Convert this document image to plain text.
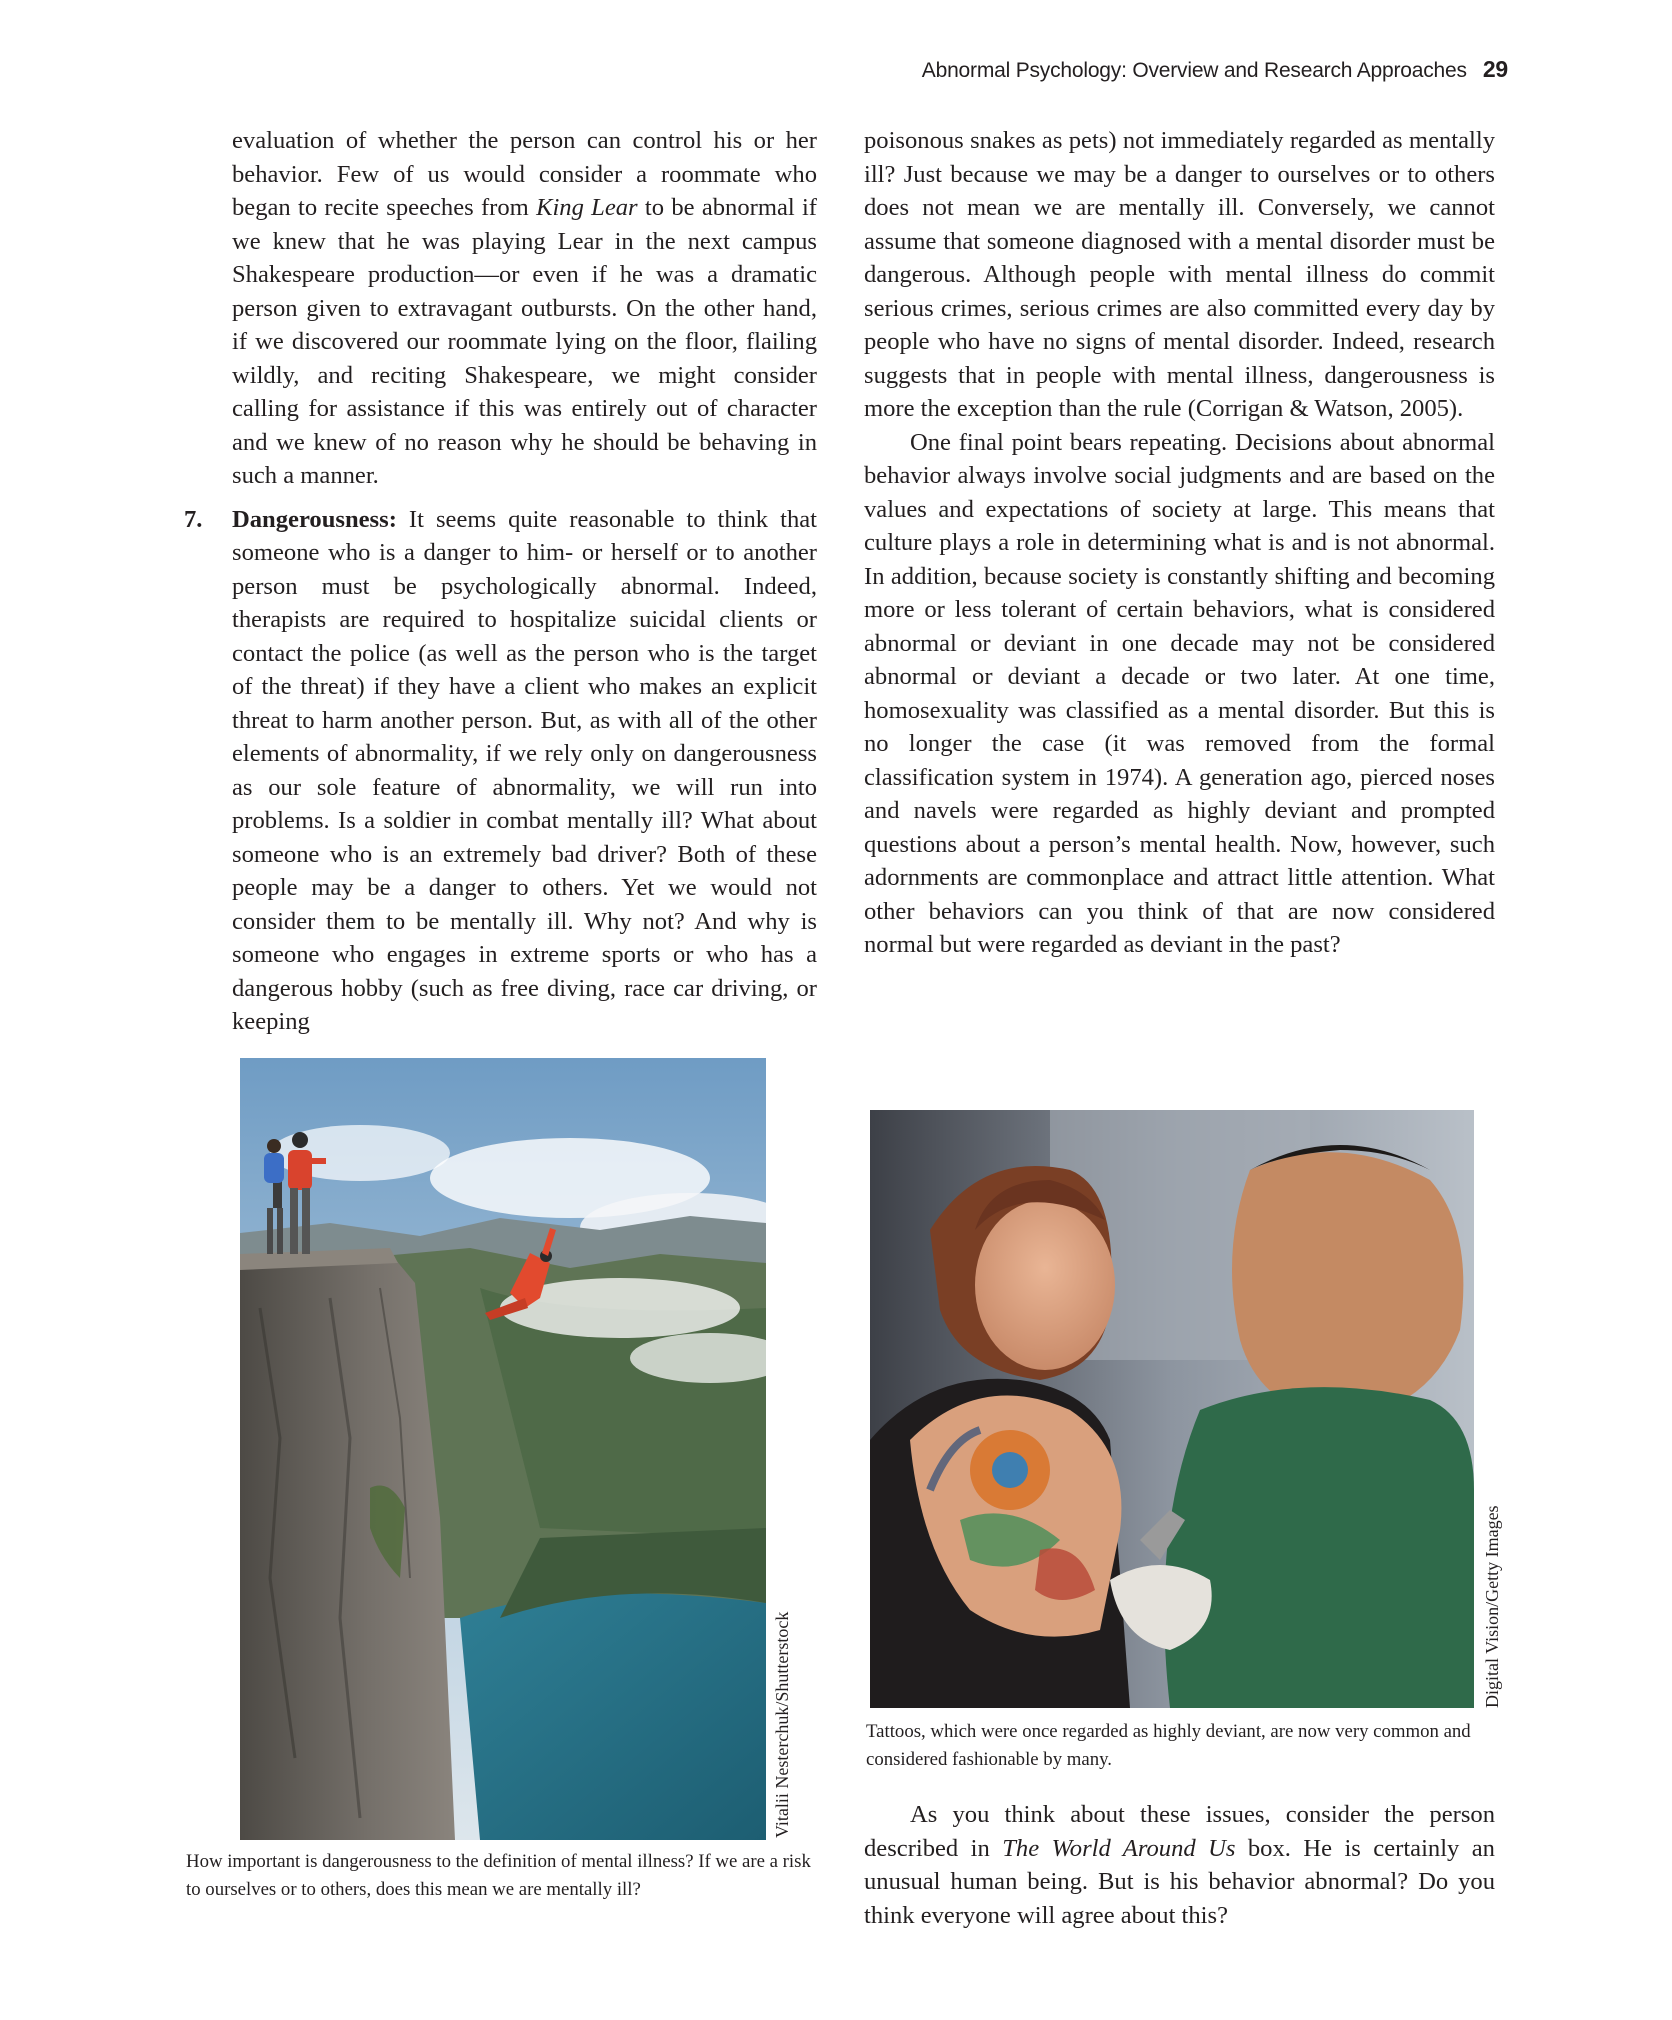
Abnormal Psychology: Overview and Research Approaches 29

evaluation of whether the person can control his or her behavior. Few of us would consider a roommate who began to recite speeches from King Lear to be abnormal if we knew that he was playing Lear in the next campus Shakespeare production—or even if he was a dramatic person given to extravagant outbursts. On the other hand, if we discovered our roommate lying on the floor, flailing wildly, and reciting Shakespeare, we might consider calling for assistance if this was entirely out of character and we knew of no reason why he should be behaving in such a manner.

7. Dangerousness: It seems quite reasonable to think that someone who is a danger to him- or herself or to another person must be psychologically abnormal. Indeed, therapists are required to hospitalize suicidal clients or contact the police (as well as the person who is the target of the threat) if they have a client who makes an explicit threat to harm another person. But, as with all of the other elements of abnormality, if we rely only on dangerousness as our sole feature of abnormality, we will run into problems. Is a soldier in combat mentally ill? What about someone who is an extremely bad driver? Both of these people may be a danger to others. Yet we would not consider them to be mentally ill. Why not? And why is someone who engages in extreme sports or who has a dangerous hobby (such as free diving, race car driving, or keeping

poisonous snakes as pets) not immediately regarded as mentally ill? Just because we may be a danger to ourselves or to others does not mean we are mentally ill. Conversely, we cannot assume that someone diagnosed with a mental disorder must be dangerous. Although people with mental illness do commit serious crimes, serious crimes are also committed every day by people who have no signs of mental disorder. Indeed, research suggests that in people with mental illness, dangerousness is more the exception than the rule (Corrigan & Watson, 2005).

One final point bears repeating. Decisions about abnormal behavior always involve social judgments and are based on the values and expectations of society at large. This means that culture plays a role in determining what is and is not abnormal. In addition, because society is constantly shifting and becoming more or less tolerant of certain behaviors, what is considered abnormal or deviant in one decade may not be considered abnormal or deviant a decade or two later. At one time, homosexuality was classified as a mental disorder. But this is no longer the case (it was removed from the formal classification system in 1974). A generation ago, pierced noses and navels were regarded as highly deviant and prompted questions about a person’s mental health. Now, however, such adornments are commonplace and attract little attention. What other behaviors can you think of that are now considered normal but were regarded as deviant in the past?

Vitalii Nesterchuk/Shutterstock
How important is dangerousness to the definition of mental illness? If we are a risk to ourselves or to others, does this mean we are mentally ill?
Digital Vision/Getty Images
Tattoos, which were once regarded as highly deviant, are now very common and considered fashionable by many.

As you think about these issues, consider the person described in The World Around Us box. He is certainly an unusual human being. But is his behavior abnormal? Do you think everyone will agree about this?
